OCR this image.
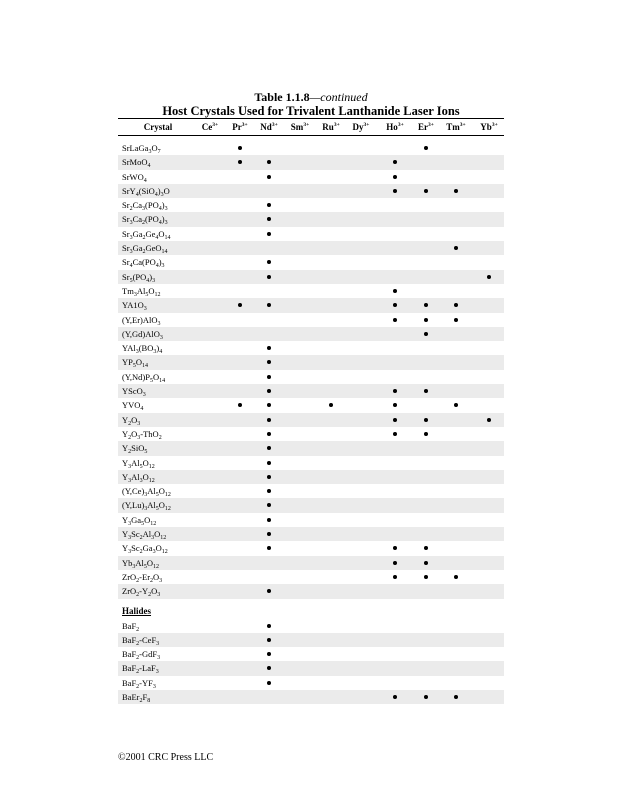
Table 1.1.8—continued
Host Crystals Used for Trivalent Lanthanide Laser Ions
Crystal	$Ce^{3+}$ $Pr^{3+}$ $Nd^{3+}$ $Sm^{3+}$ $Ru^{3+}$ $Dy^{3+}$ $Ho^{3+}$ $Er^{3+}$ $Tm^{3+}$ $Yb^{3+}$
$SrLaGa_3O_7$
SrMoO$_4$
SrWO$_4$
$SrY_4(SiO_4)_3O$
$Sr_2Ca_3(PO_4)_3$
$Sr_3Ca_2(PO_4)_3$
$Sr_3Ga_2Ge_4O_{14}$
$Sr_3Ga_2GeO_{14}$
$Sr_4Ca(PO_4)_3$
$Sr_5(PO_4)_3$
$Tm_3Al_5O_{12}$
$YA1O_3$
(Y,Er)AlO$_3$
(Y,Gd)AlO$_3$
$YAl_3(BO_3)_4$
$YP_5O_{14}$
$(Y,Nd)P_5O_{14}$
YScO$_3$
$YVO_4$
$Y_2O_3$
$Y_2O_3-ThO_2$
$Y_2SiO_5$
$Y_3Al_5O_{12}$
$Y_3Al_3O_{12}$
$(Y,Ce)_3Al_5O_{12}$
$(Y,Lu)_3Al_5O_{12}$
$Y_3Ga_5O_{12}$
$Y_3Sc_2Al_3O_{12}$
$Y_3Sc_2Ga_3O_{12}$
$Yb_3Al_5O_{12}$
$ZrO_2-Er_2O_3$
$ZrO_2-Y_2O_3$
Halides
BaF$_2$
BaF$_2$-CeF$_3$
BaF$_2$-GdF$_3$
BaF$_2$-LaF$_3$
$BaF_2-YF_3$
$BaEr_2F_8$
©2001 CRC Press LLC
